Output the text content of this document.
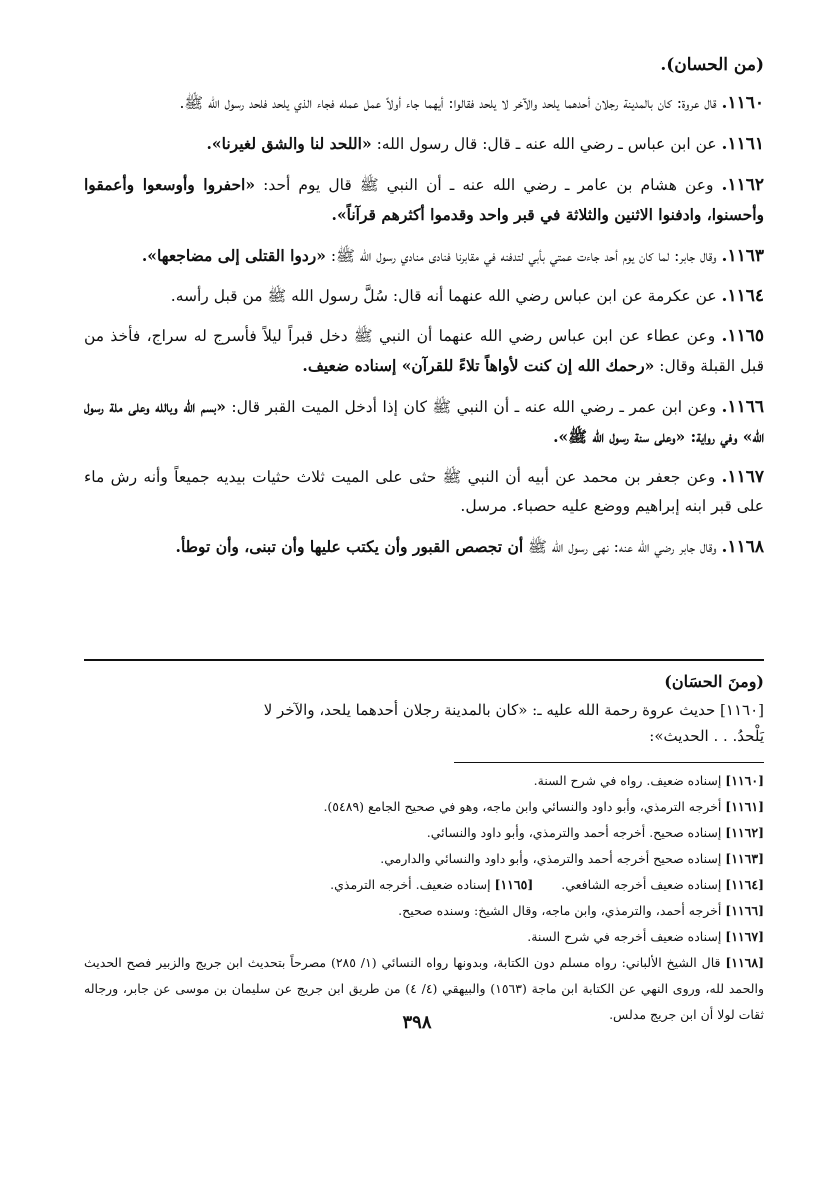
(من الحسان).
١١٦٠. قال عروة: كان بالمدينة رجلان أحدهما يلحد والآخر لا يلحد فقالوا: أيهما جاء أولاً عمل عمله فجاء الذي يلحد فلحد رسول الله ﷺ.
١١٦١. عن ابن عباس ـ رضي الله عنه ـ قال: قال رسول الله: «اللحد لنا والشق لغيرنا».
١١٦٢. وعن هشام بن عامر ـ رضي الله عنه ـ أن النبي ﷺ قال يوم أحد: «احفروا وأوسعوا وأعمقوا وأحسنوا، وادفنوا الاثنين والثلاثة في قبر واحد وقدموا أكثرهم قرآناً».
١١٦٣. وقال جابر: لما كان يوم أحد جاءت عمتي بأبي لتدفنه في مقابرنا فنادى منادي رسول الله ﷺ: «ردوا القتلى إلى مضاجعها».
١١٦٤. عن عكرمة عن ابن عباس رضي الله عنهما أنه قال: سُلَّ رسول الله ﷺ من قبل رأسه.
١١٦٥. وعن عطاء عن ابن عباس رضي الله عنهما أن النبي ﷺ دخل قبراً ليلاً فأسرج له سراج، فأخذ من قبل القبلة وقال: «رحمك الله إن كنت لأواهاً تلاءً للقرآن» إسناده ضعيف.
١١٦٦. وعن ابن عمر ـ رضي الله عنه ـ أن النبي ﷺ كان إذا أدخل الميت القبر قال: «بسم الله وبالله وعلى ملة رسول الله» وفي رواية: «وعلى سنة رسول الله ﷺ».
١١٦٧. وعن جعفر بن محمد عن أبيه أن النبي ﷺ حثى على الميت ثلاث حثيات بيديه جميعاً وأنه رش ماء على قبر ابنه إبراهيم ووضع عليه حصباء. مرسل.
١١٦٨. وقال جابر رضي الله عنه: نهى رسول الله ﷺ أن تجصص القبور وأن يكتب عليها وأن تبنى، وأن توطأ.
(ومنَ الحسَان)
[١١٦٠] حديث عروة رحمة الله عليه ـ: «كان بالمدينة رجلان أحدهما يلحد، والآخر لا
يَلْحدُ. . . الحديث»:
[١١٦٠] إسناده ضعيف. رواه في شرح السنة.
[١١٦١] أخرجه الترمذي، وأبو داود والنسائي وابن ماجه، وهو في صحيح الجامع (٥٤٨٩).
[١١٦٢] إسناده صحيح. أخرجه أحمد والترمذي، وأبو داود والنسائي.
[١١٦٣] إسناده صحيح أخرجه أحمد والترمذي، وأبو داود والنسائي والدارمي.
[١١٦٤] إسناده ضعيف أخرجه الشافعي.[١١٦٥] إسناده ضعيف. أخرجه الترمذي.
[١١٦٦] أخرجه أحمد، والترمذي، وابن ماجه، وقال الشيخ: وسنده صحيح.
[١١٦٧] إسناده ضعيف أخرجه في شرح السنة.
[١١٦٨] قال الشيخ الألباني: رواه مسلم دون الكتابة، وبدونها رواه النسائي (١/ ٢٨٥) مصرحاً بتحديث ابن جريج والزبير فصح الحديث والحمد لله، وروى النهي عن الكتابة ابن ماجة (١٥٦٣) والبيهقي (٤/ ٤) من طريق ابن جريج عن سليمان بن موسى عن جابر، ورجاله ثقات لولا أن ابن جريج مدلس.
٣٩٨
